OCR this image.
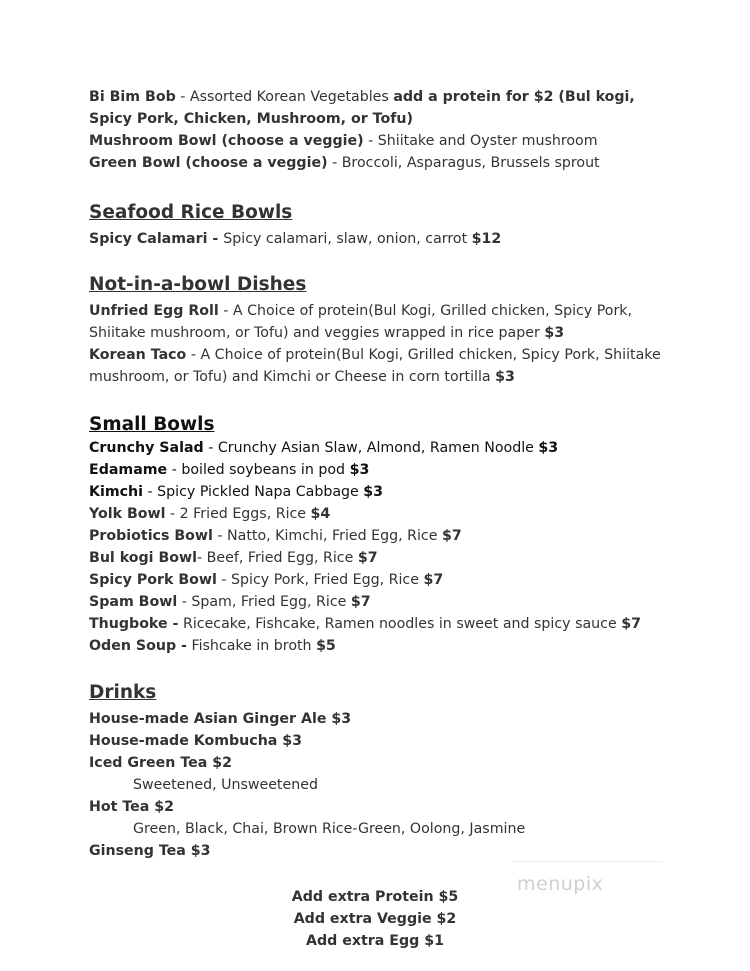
Bi Bim Bob - Assorted Korean Vegetables add a protein for $2 (Bul kogi, Spicy Pork, Chicken, Mushroom, or Tofu)
Mushroom Bowl (choose a veggie) - Shiitake and Oyster mushroom
Green Bowl (choose a veggie) - Broccoli, Asparagus, Brussels sprout
Seafood Rice Bowls
Spicy Calamari - Spicy calamari, slaw, onion, carrot $12
Not-in-a-bowl Dishes
Unfried Egg Roll - A Choice of protein(Bul Kogi, Grilled chicken, Spicy Pork, Shiitake mushroom, or Tofu) and veggies wrapped in rice paper $3
Korean Taco - A Choice of protein(Bul Kogi, Grilled chicken, Spicy Pork, Shiitake mushroom, or Tofu) and Kimchi or Cheese in corn tortilla $3
Small Bowls
Crunchy Salad - Crunchy Asian Slaw, Almond, Ramen Noodle $3
Edamame - boiled soybeans in pod $3
Kimchi - Spicy Pickled Napa Cabbage $3
Yolk Bowl - 2 Fried Eggs, Rice $4
Probiotics Bowl - Natto, Kimchi, Fried Egg, Rice $7
Bul kogi Bowl- Beef, Fried Egg, Rice $7
Spicy Pork Bowl - Spicy Pork, Fried Egg, Rice $7
Spam Bowl - Spam, Fried Egg, Rice $7
Thugboke - Ricecake, Fishcake, Ramen noodles in sweet and spicy sauce $7
Oden Soup - Fishcake in broth $5
Drinks
House-made Asian Ginger Ale $3
House-made Kombucha $3
Iced Green Tea $2
Sweetened, Unsweetened
Hot Tea $2
Green, Black, Chai, Brown Rice-Green, Oolong, Jasmine
Ginseng Tea $3
menupix
Add extra Protein $5
Add extra Veggie $2
Add extra Egg $1
